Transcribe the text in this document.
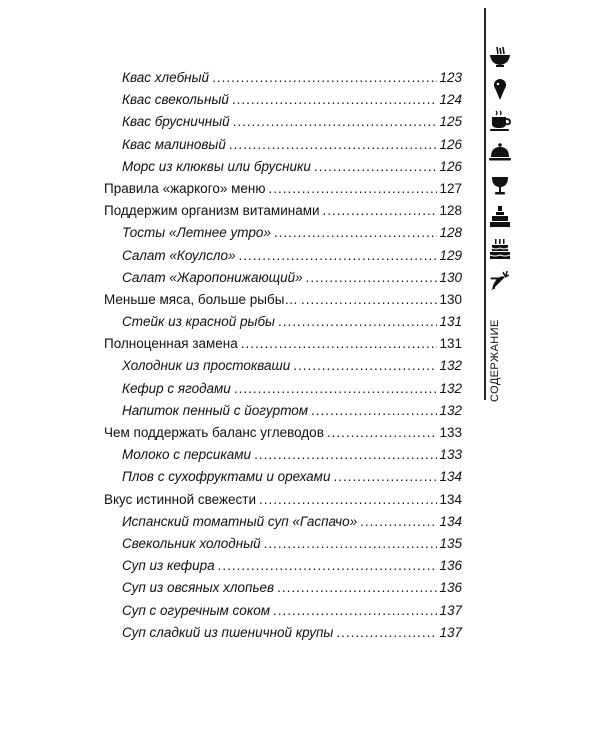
Квас хлебный .....	123
Квас свекольный .....	124
Квас брусничный .....	125
Квас малиновый .....	126
Морс из клюквы или брусники .....	126
Правила «жаркого» меню .....	127
Поддержим организм витаминами .....	128
Тосты «Летнее утро» .....	128
Салат «Коулсло» .....	129
Салат «Жаропонижающий» .....	130
Меньше мяса, больше рыбы… .....	130
Стейк из красной рыбы .....	131
Полноценная замена .....	131
Холодник из простокваши .....	132
Кефир с ягодами .....	132
Напиток пенный с йогуртом .....	132
Чем поддержать баланс углеводов .....	133
Молоко с персиками .....	133
Плов с сухофруктами и орехами .....	134
Вкус истинной свежести .....	134
Испанский томатный суп «Гаспачо» .....	134
Свекольник холодный .....	135
Суп из кефира .....	136
Суп из овсяных хлопьев .....	136
Суп с огуречным соком .....	137
Суп сладкий из пшеничной крупы .....	137
7
СОДЕРЖАНИЕ
